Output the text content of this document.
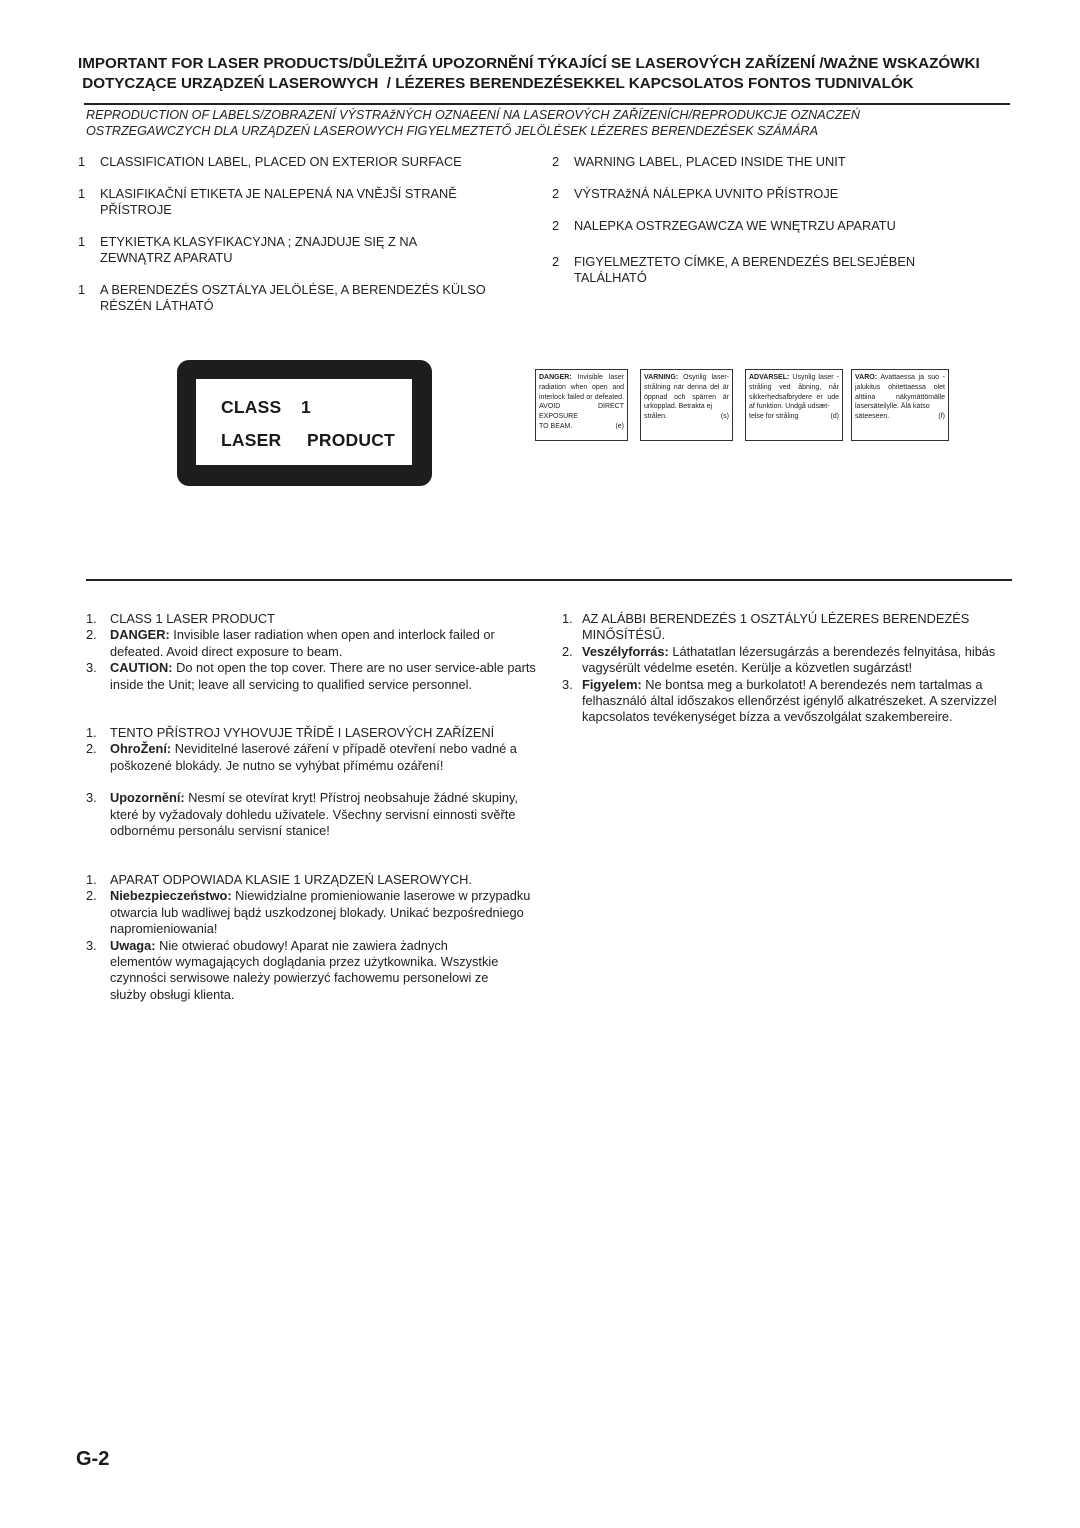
IMPORTANT FOR LASER PRODUCTS/DŮLEŽITÁ UPOZORNĚNÍ TÝKAJÍCÍ SE LASEROVÝCH ZAŘÍZENÍ /WAŻNE WSKAZÓWKI
DOTYCZĄCE URZĄDZEŃ LASEROWYCH  / LÉZERES BERENDEZÉSEKKEL KAPCSOLATOS FONTOS TUDNIVALÓK
REPRODUCTION OF LABELS/ZOBRAZENÍ VÝSTRAžNÝCH OZNAEENÍ NA LASEROVÝCH ZAŘÍZENÍCH/REPRODUKCJE OZNACZEŃ
OSTRZEGAWCZYCH DLA URZĄDZEŃ LASEROWYCH FIGYELMEZTETŐ JELÖLÉSEK LÉZERES BERENDEZÉSEK SZÁMÁRA
1	CLASSIFICATION LABEL, PLACED ON EXTERIOR SURFACE
1	KLASIFIKAČNÍ ETIKETA JE NALEPENÁ NA VNĚJŠÍ STRANĚ PŘÍSTROJE
1	ETYKIETKA KLASYFIKACYJNA ; ZNAJDUJE SIĘ Z NA ZEWNĄTRZ APARATU
1	A BERENDEZÉS OSZTÁLYA JELÖLÉSE, A BERENDEZÉS KÜLSO RÉSZÉN LÁTHATÓ
2	WARNING LABEL, PLACED INSIDE THE UNIT
2	VÝSTRAžNÁ NÁLEPKA UVNITO PŘÍSTROJE
2	NALEPKA OSTRZEGAWCZA WE WNĘTRZU APARATU
2	FIGYELMEZTETO CÍMKE, A BERENDEZÉS BELSEJÉBEN TALÁLHATÓ
CLASS 1
LASER PRODUCT
DANGER: Invisible laser radiation when open and interlock failed or defeated. AVOID DIRECT EXPOSURE
TO BEAM.	(e)
VARNING: Osynlig laser-strålning när denna del är öppnad och spärren är urkopplad. Betrakta ej
strålen.	(s)
ADVARSEL: Usynlig laser -stråling ved åbning, når sikkerhedsafbrydere er ude af funktion. Undgå udsæt-
telse for stråling	(d)
VARO: Avattaessa ja suo -jalukitus ohitettaessa olet alttiina näkymättömälle lasersäteilylle. Älä katso
säteeseen.	(f)
1.	CLASS 1 LASER PRODUCT
2.	DANGER: Invisible laser radiation when open and interlock failed or defeated. Avoid direct exposure to beam.
3.	CAUTION: Do not open the top cover. There are no user service-able parts inside the Unit; leave all servicing to qualified service personnel.
1.	TENTO PŘÍSTROJ VYHOVUJE TŘÍDĚ I LASEROVÝCH ZAŘÍZENÍ
2.	OhroŽení: Neviditelné laserové záření v případě otevření nebo vadné a poškozené blokády. Je nutno se vyhýbat přímému ozáření!
3.	Upozornění: Nesmí se otevírat kryt! Přístroj neobsahuje žádné skupiny, které by vyžadovaly dohledu uživatele. Všechny servisní einnosti svěřte odbornému personálu servisní stanice!
1.	APARAT ODPOWIADA KLASIE 1 URZĄDZEŃ LASEROWYCH.
2.	Niebezpieczeństwo: Niewidzialne promieniowanie laserowe w przypadku otwarcia lub wadliwej bądź uszkodzonej blokady. Unikać bezpośredniego napromieniowania!
3.	Uwaga: Nie otwierać obudowy! Aparat nie zawiera żadnych elementów wymagających doglądania przez użytkownika. Wszystkie czynności serwisowe należy powierzyć fachowemu personelowi ze służby obsługi klienta.
1. AZ ALÁBBI BERENDEZÉS 1 OSZTÁLYÚ LÉZERES BERENDEZÉS MINŐSÍTÉSŰ.
2. Veszélyforrás: Láthatatlan lézersugárzás a berendezés felnyitása, hibás vagysérült védelme esetén. Kerülje a közvetlen sugárzást!
3. Figyelem: Ne bontsa meg a burkolatot! A berendezés nem tartalmas a felhasználó által időszakos ellenőrzést igénylő alkatrészeket. A szervizzel kapcsolatos tevékenységet bízza a vevőszolgálat szakembereire.
G-2
